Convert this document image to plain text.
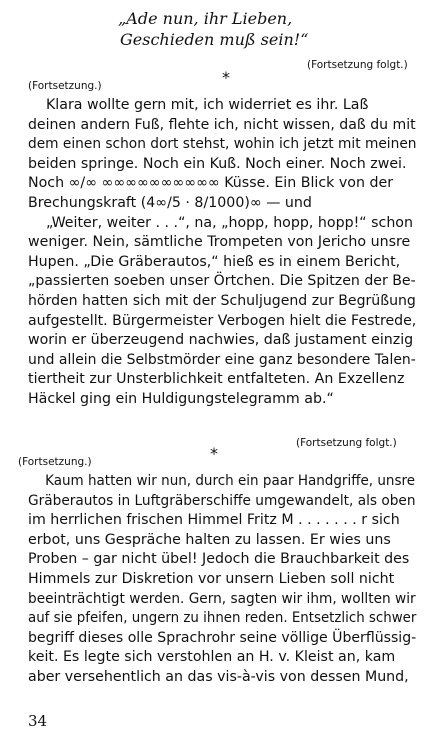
„Ade nun, ihr Lieben,
Geschieden muß sein!“
(Fortsetzung folgt.)
*
(Fortsetzung.)
Klara wollte gern mit, ich widerriet es ihr. Laß
deinen andern Fuß, flehte ich, nicht wissen, daß du mit
dem einen schon dort stehst, wohin ich jetzt mit meinen
beiden springe. Noch ein Kuß. Noch einer. Noch zwei.
Noch ∞/∞ ∞∞∞∞∞∞∞∞∞∞ Küsse. Ein Blick von der
Brechungskraft (4∞/5 · 8/1000)∞ — und
„Weiter, weiter . . .“, na, „hopp, hopp, hopp!“ schon
weniger. Nein, sämtliche Trompeten von Jericho unsre
Hupen. „Die Gräberautos,“ hieß es in einem Bericht,
„passierten soeben unser Örtchen. Die Spitzen der Be-
hörden hatten sich mit der Schuljugend zur Begrüßung
aufgestellt. Bürgermeister Verbogen hielt die Festrede,
worin er überzeugend nachwies, daß justament einzig
und allein die Selbstmörder eine ganz besondere Talen-
tiertheit zur Unsterblichkeit entfalteten. An Exzellenz
Häckel ging ein Huldigungstelegramm ab.“
(Fortsetzung folgt.)
*
(Fortsetzung.)
Kaum hatten wir nun, durch ein paar Handgriffe, unsre
Gräberautos in Luftgräberschiffe umgewandelt, als oben
im herrlichen frischen Himmel Fritz M . . . . . . . r sich
erbot, uns Gespräche halten zu lassen. Er wies uns
Proben – gar nicht übel! Jedoch die Brauchbarkeit des
Himmels zur Diskretion vor unsern Lieben soll nicht
beeinträchtigt werden. Gern, sagten wir ihm, wollten wir
auf sie pfeifen, ungern zu ihnen reden. Entsetzlich schwer
begriff dieses olle Sprachrohr seine völlige Überflüssig-
keit. Es legte sich verstohlen an H. v. Kleist an, kam
aber versehentlich an das vis-à-vis von dessen Mund,
34
